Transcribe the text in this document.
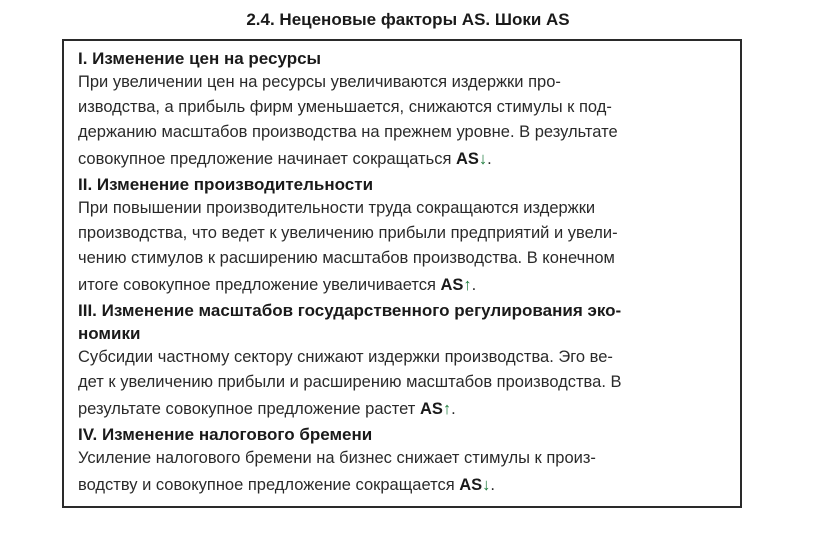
2.4. Неценовые факторы AS. Шоки AS

I. Изменение цен на ресурсы

При увеличении цен на ресурсы увеличиваются издержки про-

изводства, а прибыль фирм уменьшается, снижаются стимулы к под-

держанию масштабов производства на прежнем уровне. В результате

совокупное предложение начинает сокращаться AS↓.

II. Изменение производительности

При повышении производительности труда сокращаются издержки

производства, что ведет к увеличению прибыли предприятий и увели-

чению стимулов к расширению масштабов производства. В конечном

итоге совокупное предложение увеличивается AS↑.

III. Изменение масштабов государственного регулирования эко-

номики

Субсидии частному сектору снижают издержки производства. Эго ве-

дет к увеличению прибыли и расширению масштабов производства. В

результате совокупное предложение растет AS↑.

IV. Изменение налогового бремени

Усиление налогового бремени на бизнес снижает стимулы к произ-

водству и совокупное предложение сокращается AS↓.
